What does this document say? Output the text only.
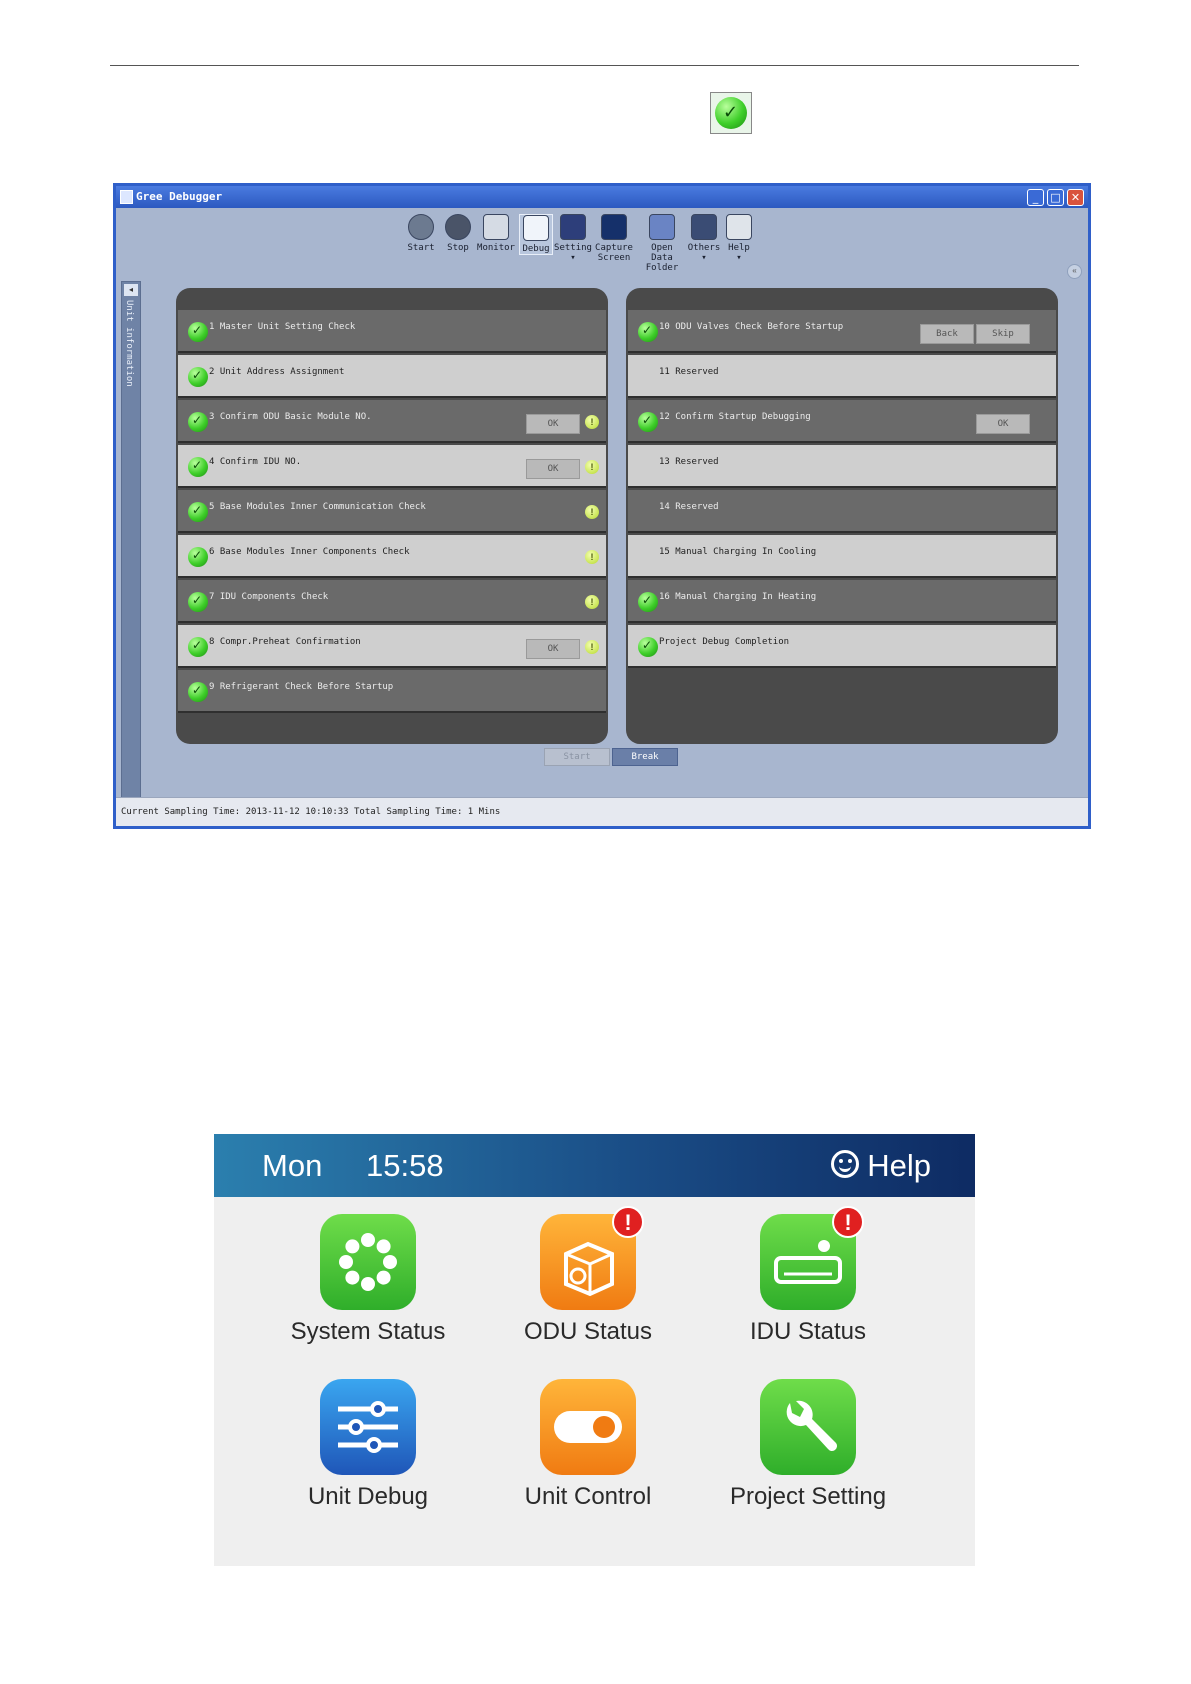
✓
Gree Debugger	_	□ ✕
Start	Stop Monitor Debug Setting
▾
Capture
Screen
Open Data
Folder
Others
▾
Help
▾
«
◂
Unit information	✓ 1 Master Unit Setting Check
✓ 2 Unit Address Assignment
✓ 3 Confirm ODU Basic Module NO.
OK	!
✓ 4 Confirm IDU NO.
OK	!
✓ 5 Base Modules Inner Communication Check	!
✓ 6 Base Modules Inner Components Check	!
✓ 7 IDU Components Check	!
✓ 8 Compr.Preheat Confirmation
OK	!
✓ 9 Refrigerant Check Before Startup
✓ 10 ODU Valves Check Before Startup
Back	Skip
11 Reserved
✓ 12 Confirm Startup Debugging
OK
13 Reserved
14 Reserved
15 Manual Charging In Cooling
✓ 16 Manual Charging In Heating
✓ Project Debug Completion
Start	Break
Current Sampling Time: 2013-11-12 10:10:33 Total Sampling Time: 1 Mins
Mon 15:58	Help
System Status
!
ODU Status
!
IDU Status
Unit Debug	Unit Control	Project Setting
